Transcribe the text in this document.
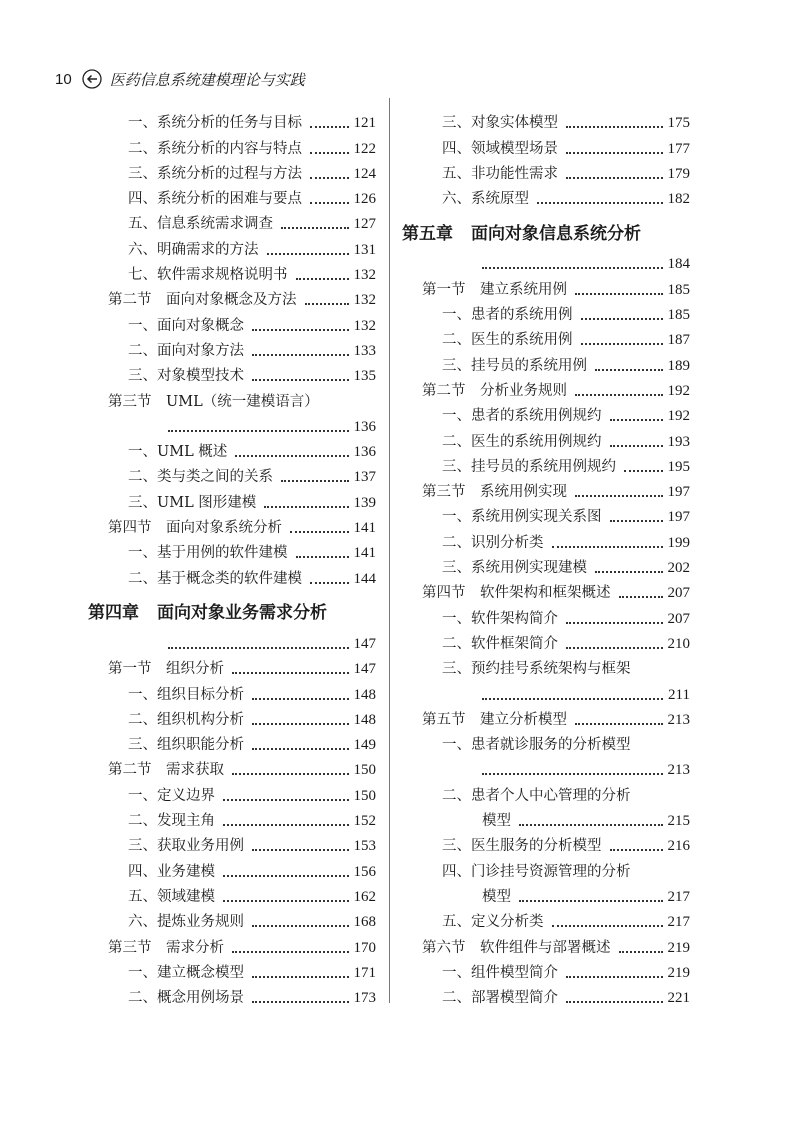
10	医药信息系统建模理论与实践
一、系统分析的任务与目标	121
二、系统分析的内容与特点	122
三、系统分析的过程与方法	124
四、系统分析的困难与要点	126
五、信息系统需求调查	127
六、明确需求的方法	131
七、软件需求规格说明书	132
第二节　面向对象概念及方法	132
一、面向对象概念	132
二、面向对象方法	133
三、对象模型技术	135
第三节　UML（统一建模语言）
136
一、UML 概述	136
二、类与类之间的关系	137
三、UML 图形建模	139
第四节　面向对象系统分析	141
一、基于用例的软件建模	141
二、基于概念类的软件建模	144
第四章 面向对象业务需求分析
147
第一节　组织分析	147
一、组织目标分析	148
二、组织机构分析	148
三、组织职能分析	149
第二节　需求获取	150
一、定义边界	150
二、发现主角	152
三、获取业务用例	153
四、业务建模	156
五、领域建模	162
六、提炼业务规则	168
第三节　需求分析	170
一、建立概念模型	171
二、概念用例场景	173
三、对象实体模型	175
四、领域模型场景	177
五、非功能性需求	179
六、系统原型	182
第五章 面向对象信息系统分析
184
第一节　建立系统用例	185
一、患者的系统用例	185
二、医生的系统用例	187
三、挂号员的系统用例	189
第二节　分析业务规则	192
一、患者的系统用例规约	192
二、医生的系统用例规约	193
三、挂号员的系统用例规约	195
第三节　系统用例实现	197
一、系统用例实现关系图	197
二、识别分析类	199
三、系统用例实现建模	202
第四节　软件架构和框架概述	207
一、软件架构简介	207
二、软件框架简介	210
三、预约挂号系统架构与框架
211
第五节　建立分析模型	213
一、患者就诊服务的分析模型
213
二、患者个人中心管理的分析
模型	215
三、医生服务的分析模型	216
四、门诊挂号资源管理的分析
模型	217
五、定义分析类	217
第六节　软件组件与部署概述	219
一、组件模型简介	219
二、部署模型简介	221
